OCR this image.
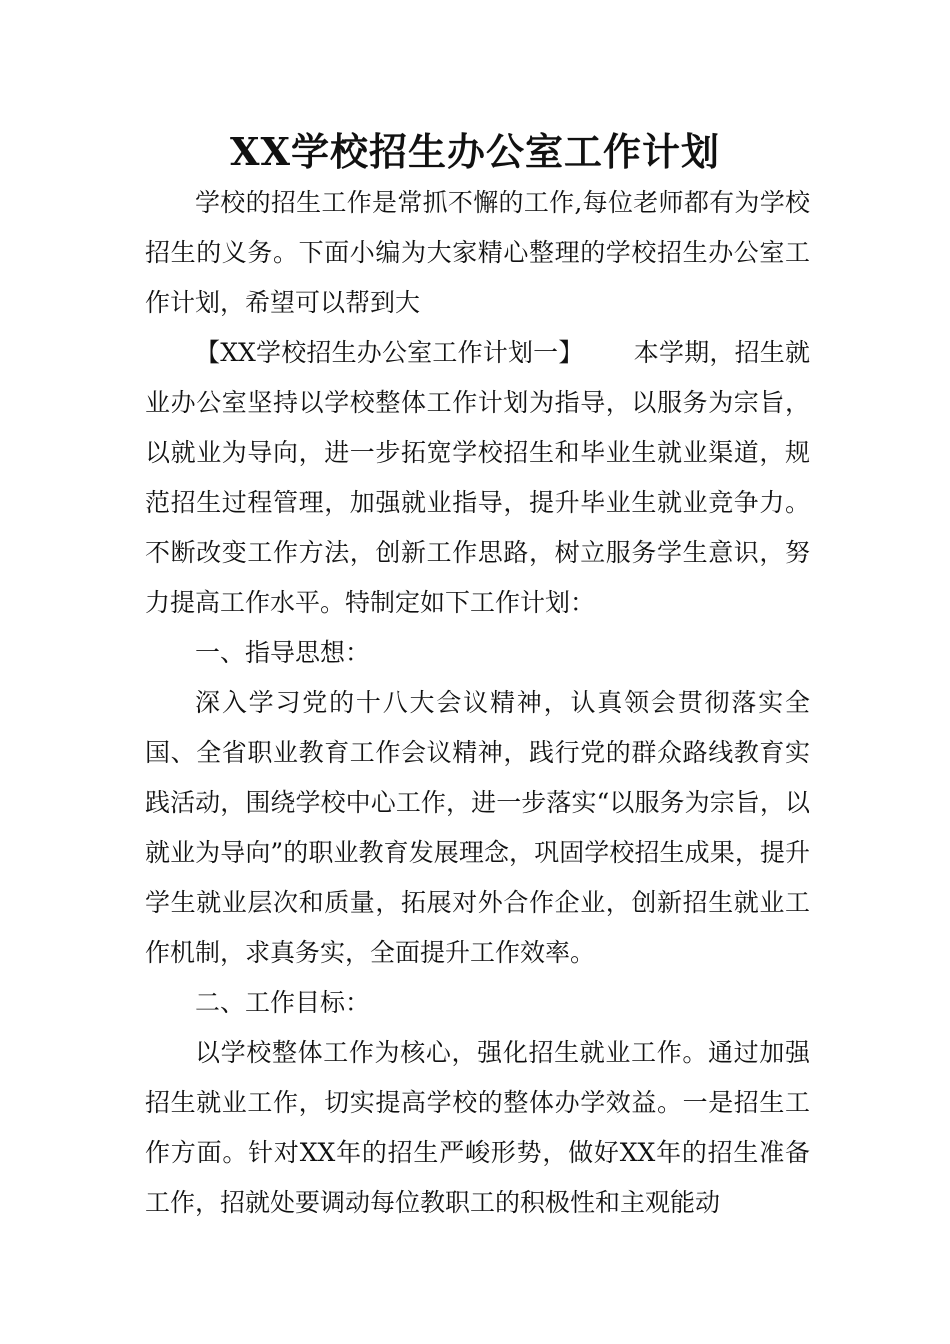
XX学校招生办公室工作计划

学校的招生工作是常抓不懈的工作,每位老师都有为学校招生的义务。下面小编为大家精心整理的学校招生办公室工作计划，希望可以帮到大

【XX学校招生办公室工作计划一】 本学期，招生就业办公室坚持以学校整体工作计划为指导，以服务为宗旨，以就业为导向，进一步拓宽学校招生和毕业生就业渠道，规范招生过程管理，加强就业指导，提升毕业生就业竞争力。不断改变工作方法，创新工作思路，树立服务学生意识，努力提高工作水平。特制定如下工作计划：

一、指导思想：

深入学习党的十八大会议精神，认真领会贯彻落实全国、全省职业教育工作会议精神，践行党的群众路线教育实践活动，围绕学校中心工作，进一步落实“以服务为宗旨，以就业为导向”的职业教育发展理念，巩固学校招生成果，提升学生就业层次和质量，拓展对外合作企业，创新招生就业工作机制，求真务实，全面提升工作效率。

二、工作目标：

以学校整体工作为核心，强化招生就业工作。通过加强招生就业工作，切实提高学校的整体办学效益。一是招生工作方面。针对XX年的招生严峻形势，做好XX年的招生准备工作，招就处要调动每位教职工的积极性和主观能动
